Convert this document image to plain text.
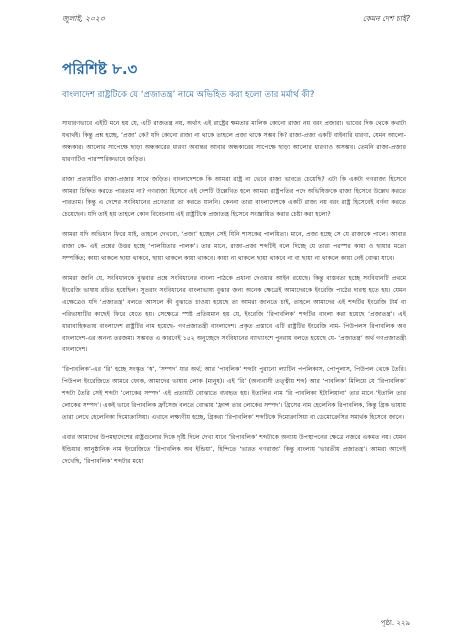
জুলাই, ২০২৩	কেমন দেশ চাই?
পরিশিষ্ট ৮.৩
বাংলাদেশ রাষ্ট্রটিকে যে ‘প্রজাতন্ত্র’ নামে অভিহিত করা হলো তার মর্মার্থ কী?

সাধারণভাবে এইটি মনে হয় যে, এটি রাজতন্ত্র নয়, অর্থাৎ এই রাষ্ট্রের ক্ষমতার মালিক কোনো রাজা নয় বরং প্রজারা। ভাবের দিক থেকে কথাটা যথার্থই। কিন্তু প্রশ্ন হচ্ছে, ‘প্রজা’ কে? যদি কোনো রাজা না থাকে তাহলে প্রজা থাকে সম্ভব কি? রাজা-প্রজা একটি বাইনারি ধারণা, যেমন আলো-অন্ধকার। আলোর সাপেক্ষে ছাড়া অন্ধকারের ধারণা অবান্তর আবার অন্ধকারের সাপেক্ষে ছাড়া আলোর ধারণাও অসম্ভব। তেমনি রাজা-প্রজার ধারণাটিও পারস্পরিকভাবে জড়িত।

রাজা প্রত্যয়টিও রাজা-প্রজার সাথে জড়িত। বাংলাদেশকে কি আমরা রাষ্ট্র না ভেবে রাজ্য ভাবতে চেয়েছি? এটা কি একটা গণরাজ্য হিসেবে আমরা চিহ্নিত করতে পারতাম না? গণরাজ্য হিসেবে এই দেশটি উল্লেখিত হলে আমরা রাষ্ট্রপতির পদে অভিষিক্তকে রাজা হিসেবে উল্লেখ করতে পারতাম। কিন্তু এ দেশের সংবিধানের প্রণেতারা তা করতে যাননি। কেননা তারা বাংলাদেশকে একটি রাজ্য নয় বরং রাষ্ট্র হিসেবেই বর্ণনা করতে চেয়েছেন। যদি তাই হয় তাহলে কোন বিবেচনায় এই রাষ্ট্রটিকে প্রজাতন্ত্র হিসেবে সংজ্ঞায়িত করার চেষ্টা করা হলো?

আমরা যদি অভিধান ফিরে যাই, তাহলে দেখবো, ‘প্রজা’ হচ্ছেন সেই যিনি শাসকের পালয়িতা। মানে, প্রজা হচ্ছে সে যে রাজাকে পালে। আবার রাজা কে- এই প্রশ্নের উত্তর হচ্ছে ‘পালয়িতার পালক’। তার মানে, রাজা-প্রজা শব্দটিই বলে দিচ্ছে যে তারা পরস্পর কায়া ও ছায়ার মতো সম্পর্কিত; কায়া থাকলে ছায়া থাকবে, ছায়া থাকলে কায়া থাকবে। কায়া না থাকলে ছায়া থাকবে না বা ছায়া না থাকলে কায়া নেই বোঝা যাবে।

আমরা জানি যে, সংবিধানকে বুঝবার প্রশ্নে সংবিধানের বাংলা পাঠকে প্রধানা দেওয়ার আইন রয়েছে। কিন্তু বাস্তবতা হচ্ছে সংবিধানটি প্রথমে ইংরেজি ভাষায় রচিত হয়েছিল। সুতরাং সংবিধানের বাংলাভাষ্য বুঝার জন্য অনেক ক্ষেত্রেই আমাদেরকে ইংরেজি পাঠের দারস্থ হতে হয়। যেমন এক্ষেত্রেও যদি ‘প্রজাতন্ত্র’ বলতে আসলে কী বুঝাতে চাওয়া হয়েছে তা আমরা জানতে চাই, তাহলে আমাদের এই শব্দটির ইংরেজি টার্ম বা পরিভাষাটির কাছেই ফিরে যেতে হয়। সেক্ষেত্রে স্পষ্ট প্রতিয়মান হয় যে, ইংরেজি ‘রিপাবলিক’ শব্দটির বাংলা করা হয়েছে ‘প্রজাতন্ত্র’। এই ধারাবাহিকতায় বাংলাদেশ রাষ্ট্রটির নাম হয়েছে- গণপ্রজাতন্ত্রী বাংলাদেশ। প্রকৃত প্রস্তাবে এটি রাষ্ট্রটির ইংরেজি নাম- পিউপলস রিপাবলিক অব বাংলাদেশ-এর অনন্য তরজমা। সম্ভবত এ কারণেই ১৫২ অনুচ্ছেদে সংবিধানের ব্যাখ্যাংশে পুনরায় বলতে হয়েছে যে- ‘প্রজাতন্ত্র’ অর্থ গণপ্রজাতন্ত্রী বাংলাদেশ।

‘রিপাবলিক’-এর ‘রি’ হচ্ছে সংস্কৃত ‘স্ব’, ‘সম্পদ’ যার অর্থ; আর ‘পাবলিক’ শব্দটা পুরানো ল্যাটিন পপলিকাস, পোপুলাস, পিউপল থেকে তৈরি। পিউপল ইংরেজিতে আমরে ফোক, আমাদের ভাষায় লোক (মানুষ)। এই ‘রি’ (অন্যবাসী তত্ত্বীয় শব্দ) আর ‘পাবলিক’ মিলিয়ে যে ‘রিপাবলিক’ শব্দটা তৈরি সেই শব্দটা ‘লোকের সম্পদ’ এই প্রত্যয়টি বোঝাতে ব্যবহৃত হয়। ইতালির নাম ‘রি পাবলিকা ইটালিয়ানা’ তার মানে ‘ইতালি তার লোকের সম্পদ’। একই ভাবে রিপাবলিক ফ্রাঁসেজ বলতে বোঝায় ‘ফ্রান্স তার লোকের সম্পদ’। গ্রিসের নাম হেলেনিক রিপাবলিক, কিন্তু গ্রিক ভাষায় তারা লেখে হেলেনিকা দিমোক্রাসিয়া। এখানে লক্ষ্যণীয় হচ্ছে, গ্রিকরা ‘রিপাবলিক’ শব্দটিকে দিমোক্রাসিয়া বা ডেমোক্রেসির সমার্থক হিসেবে জানে।

এবার আমাদের উপমহাদেশের রাষ্ট্রগুলোর দিকে দৃষ্টি দিলে দেখা যাবে ‘রিপাবলিক’ শব্দটাকে অন্যায় উপস্থাপনের ক্ষেত্রে নজরে একমত নয়। যেমন ইন্ডিয়ার আনুষ্ঠানিক নাম ইংরেজিতে ‘রিপাবলিক অব ইন্ডিয়া’, হিন্দিতে ‘ভারত গণরাজ্য’ কিন্তু বাংলায় ‘ভারতীয় প্রজাতন্ত্র’। আমরা আগেই দেখেছি, ‘রিপাবলিক’ শব্দটার মধ্যে

পৃষ্ঠা. ২২৯
